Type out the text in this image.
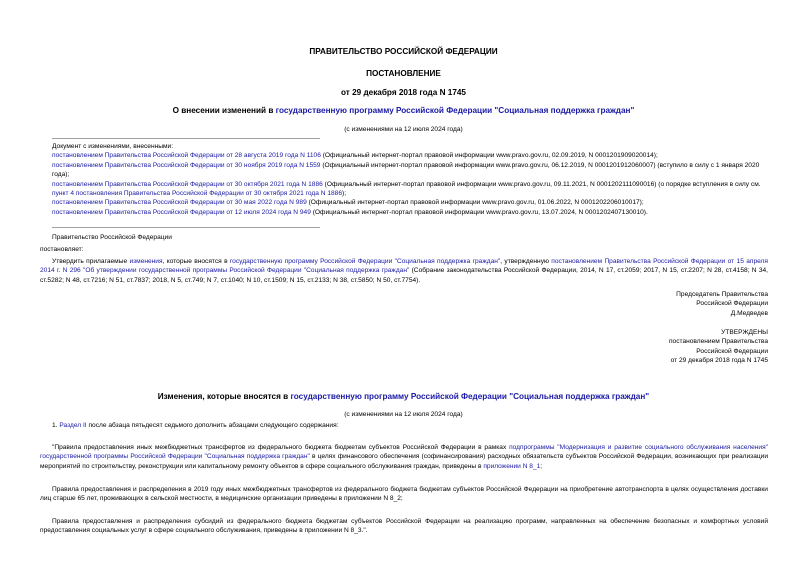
ПРАВИТЕЛЬСТВО РОССИЙСКОЙ ФЕДЕРАЦИИ
ПОСТАНОВЛЕНИЕ
от 29 декабря 2018 года N 1745
О внесении изменений в государственную программу Российской Федерации "Социальная поддержка граждан"
(с изменениями на 12 июля 2024 года)
Документ с изменениями, внесенными:
постановлением Правительства Российской Федерации от 28 августа 2019 года N 1106 (Официальный интернет-портал правовой информации www.pravo.gov.ru, 02.09.2019, N 0001201909020014);
постановлением Правительства Российской Федерации от 30 ноября 2019 года N 1559 (Официальный интернет-портал правовой информации www.pravo.gov.ru, 06.12.2019, N 0001201912060007) (вступило в силу с 1 января 2020 года);
постановлением Правительства Российской Федерации от 30 октября 2021 года N 1886 (Официальный интернет-портал правовой информации www.pravo.gov.ru, 09.11.2021, N 0001202111090016) (о порядке вступления в силу см. пункт 4 постановления Правительства Российской Федерации от 30 октября 2021 года N 1886);
постановлением Правительства Российской Федерации от 30 мая 2022 года N 989 (Официальный интернет-портал правовой информации www.pravo.gov.ru, 01.06.2022, N 0001202206010017);
постановлением Правительства Российской Федерации от 12 июля 2024 года N 949 (Официальный интернет-портал правовой информации www.pravo.gov.ru, 13.07.2024, N 0001202407130010).
Правительство Российской Федерации
постановляет:
Утвердить прилагаемые изменения, которые вносятся в государственную программу Российской Федерации "Социальная поддержка граждан", утвержденную постановлением Правительства Российской Федерации от 15 апреля 2014 г. N 296 "Об утверждении государственной программы Российской Федерации "Социальная поддержка граждан" (Собрание законодательства Российской Федерации, 2014, N 17, ст.2059; 2017, N 15, ст.2207; N 28, ст.4158; N 34, ст.5282; N 48, ст.7216; N 51, ст.7837; 2018, N 5, ст.749; N 7, ст.1040; N 10, ст.1509; N 15, ст.2133; N 38, ст.5850; N 50, ст.7754).
Председатель Правительства
Российской Федерации
Д.Медведев
УТВЕРЖДЕНЫ
постановлением Правительства
Российской Федерации
от 29 декабря 2018 года N 1745
Изменения, которые вносятся в государственную программу Российской Федерации "Социальная поддержка граждан"
(с изменениями на 12 июля 2024 года)
1. Раздел II после абзаца пятьдесят седьмого дополнить абзацами следующего содержания:
"Правила предоставления иных межбюджетных трансфертов из федерального бюджета бюджетам субъектов Российской Федерации в рамках подпрограммы "Модернизация и развитие социального обслуживания населения" государственной программы Российской Федерации "Социальная поддержка граждан" в целях финансового обеспечения (софинансирования) расходных обязательств субъектов Российской Федерации, возникающих при реализации мероприятий по строительству, реконструкции или капитальному ремонту объектов в сфере социального обслуживания граждан, приведены в приложении N 8_1;
Правила предоставления и распределения в 2019 году иных межбюджетных трансфертов из федерального бюджета бюджетам субъектов Российской Федерации на приобретение автотранспорта в целях осуществления доставки лиц старше 65 лет, проживающих в сельской местности, в медицинские организации приведены в приложении N 8_2;
Правила предоставления и распределения субсидий из федерального бюджета бюджетам субъектов Российской Федерации на реализацию программ, направленных на обеспечение безопасных и комфортных условий предоставления социальных услуг в сфере социального обслуживания, приведены в приложении N 8_3.".
